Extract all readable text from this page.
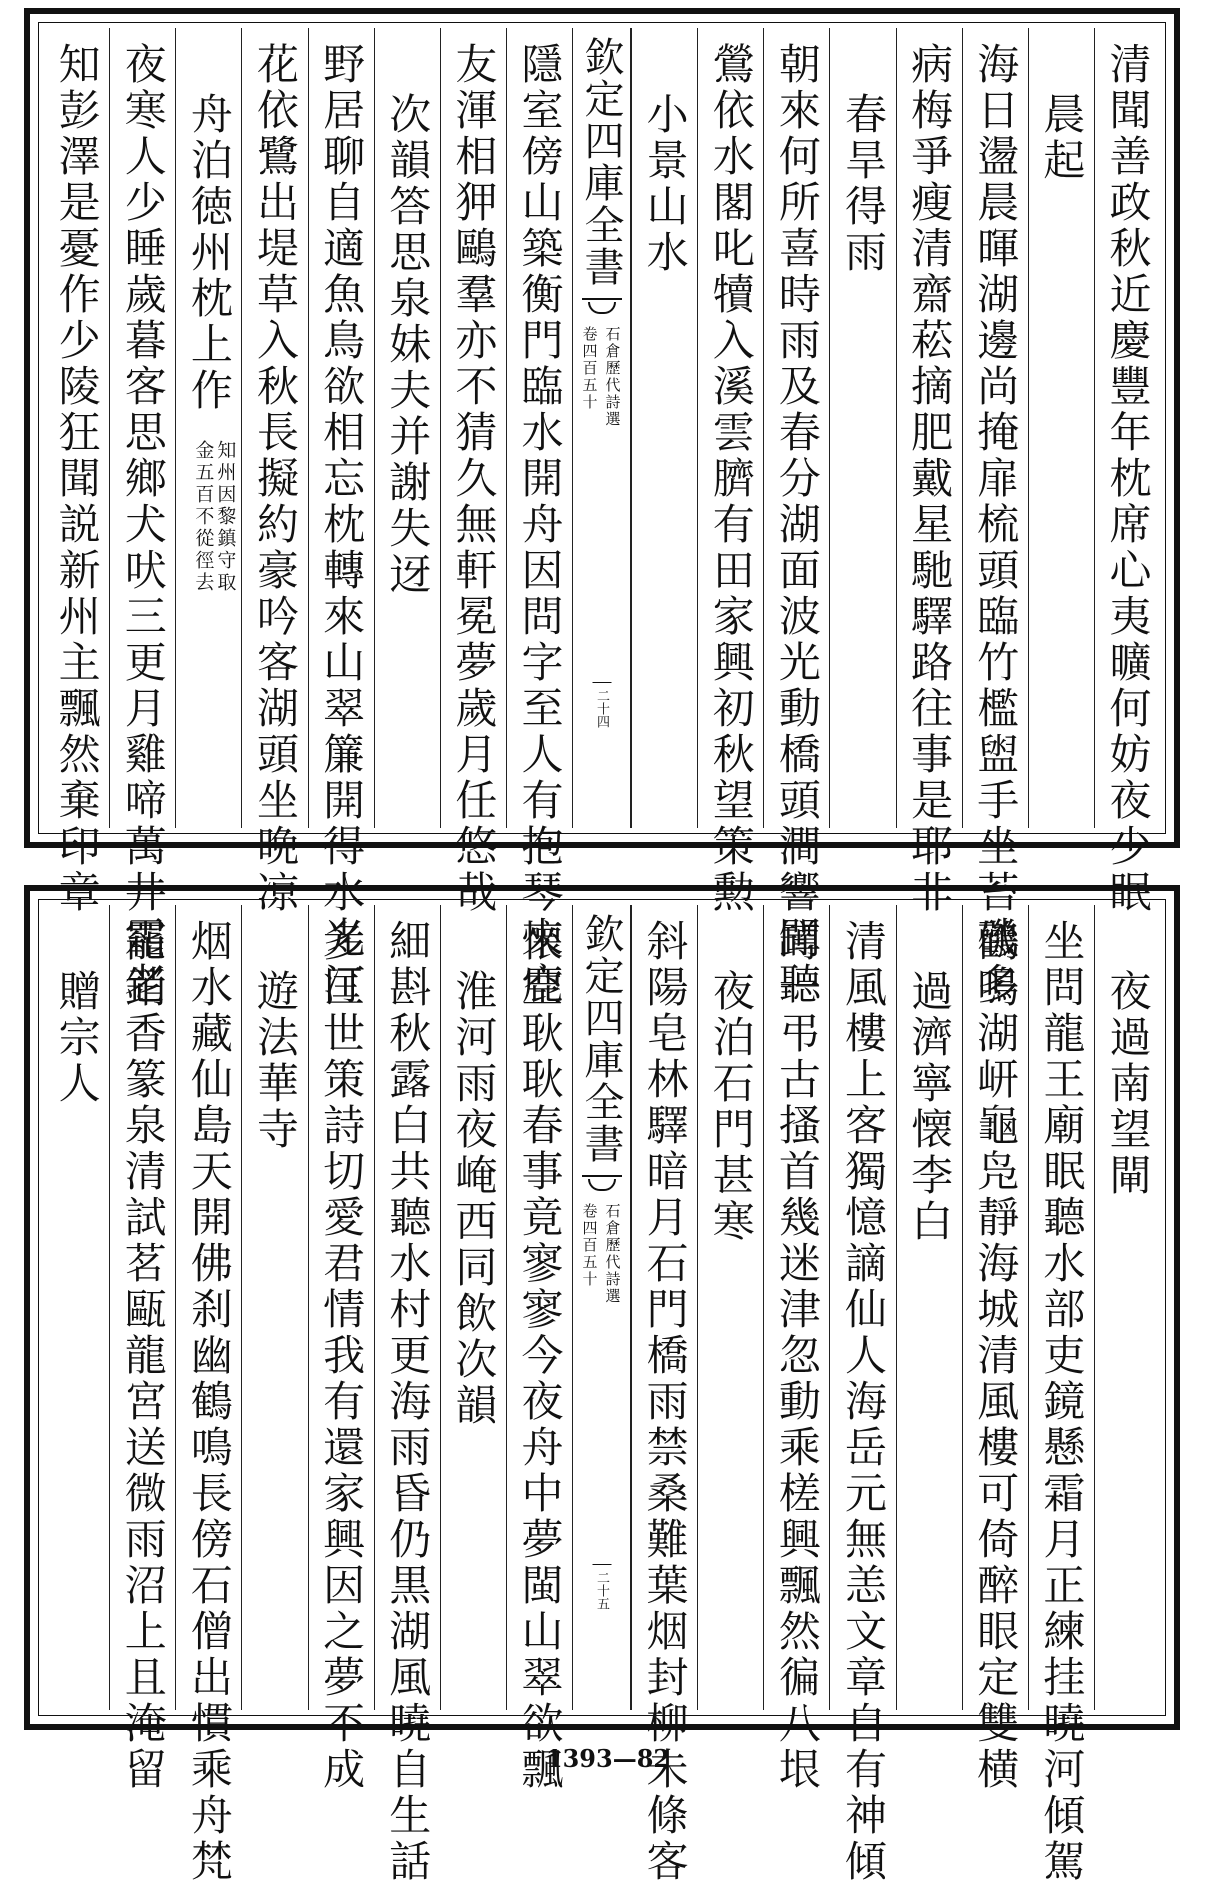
清聞善政秋近慶豐年枕席心夷曠何妨夜少眠
晨起
海日盪晨暉湖邊尚掩扉梳頭臨竹檻盥手坐苔磯多
病梅爭瘦清齋菘摘肥戴星馳驛路往事是耶非
春旱得雨
朝來何所喜時雨及春分湖面波光動橋頭澗響聞聽
鶯依水閣叱犢入溪雲臍有田家興初秋望策勲
小景山水
欽定四庫全書
石倉歷代詩選
卷四百五十
二十四
隱室傍山築衡門臨水開舟因問字至人有抱琴來鹿
友渾相狎鷗羣亦不猜久無軒冕夢歲月任悠哉
次韻答思泉妹夫并謝失迓
野居聊自適魚鳥欲相忘枕轉來山翠簾開得水光汀
花依鷺出堤草入秋長擬約豪吟客湖頭坐晩凉
舟泊徳州枕上作
知州因黎鎮守取
金五百不從徑去
夜寒人少睡歲暮客思鄉犬吠三更月雞啼萬井霜老
知彭澤是憂作少陵狂聞説新州主飄然棄印章
夜過南望閘
坐問龍王廟眠聽水部吏鏡懸霜月正練挂曉河傾駕
鸛鳴湖岍龜凫靜海城清風樓可倚醉眼定雙横
過濟寧懐李白
清風樓上客獨憶謫仙人海岳元無恙文章自有神傾
罇一弔古搔首幾迷津忽動乘槎興飄然徧八垠
夜泊石門甚寒
斜陽皂林驛暗月石門橋雨禁桑難葉烟封柳未條客
欽定四庫全書
石倉歷代詩選
卷四百五十
二十五
懐空耿耿春事竟寥寥今夜舟中夢閩山翠欲飄
淮河雨夜崦西同飲次韻
細斟秋露白共聽水村更海雨昏仍黒湖風曉自生話
多匡世策詩切愛君情我有還家興因之夢不成
遊法華寺
烟水藏仙島天開佛刹幽鶴鳴長傍石僧出慣乘舟梵
罷銷香篆泉清試茗甌龍宮送微雨沼上且淹留
贈宗人
1393—82
